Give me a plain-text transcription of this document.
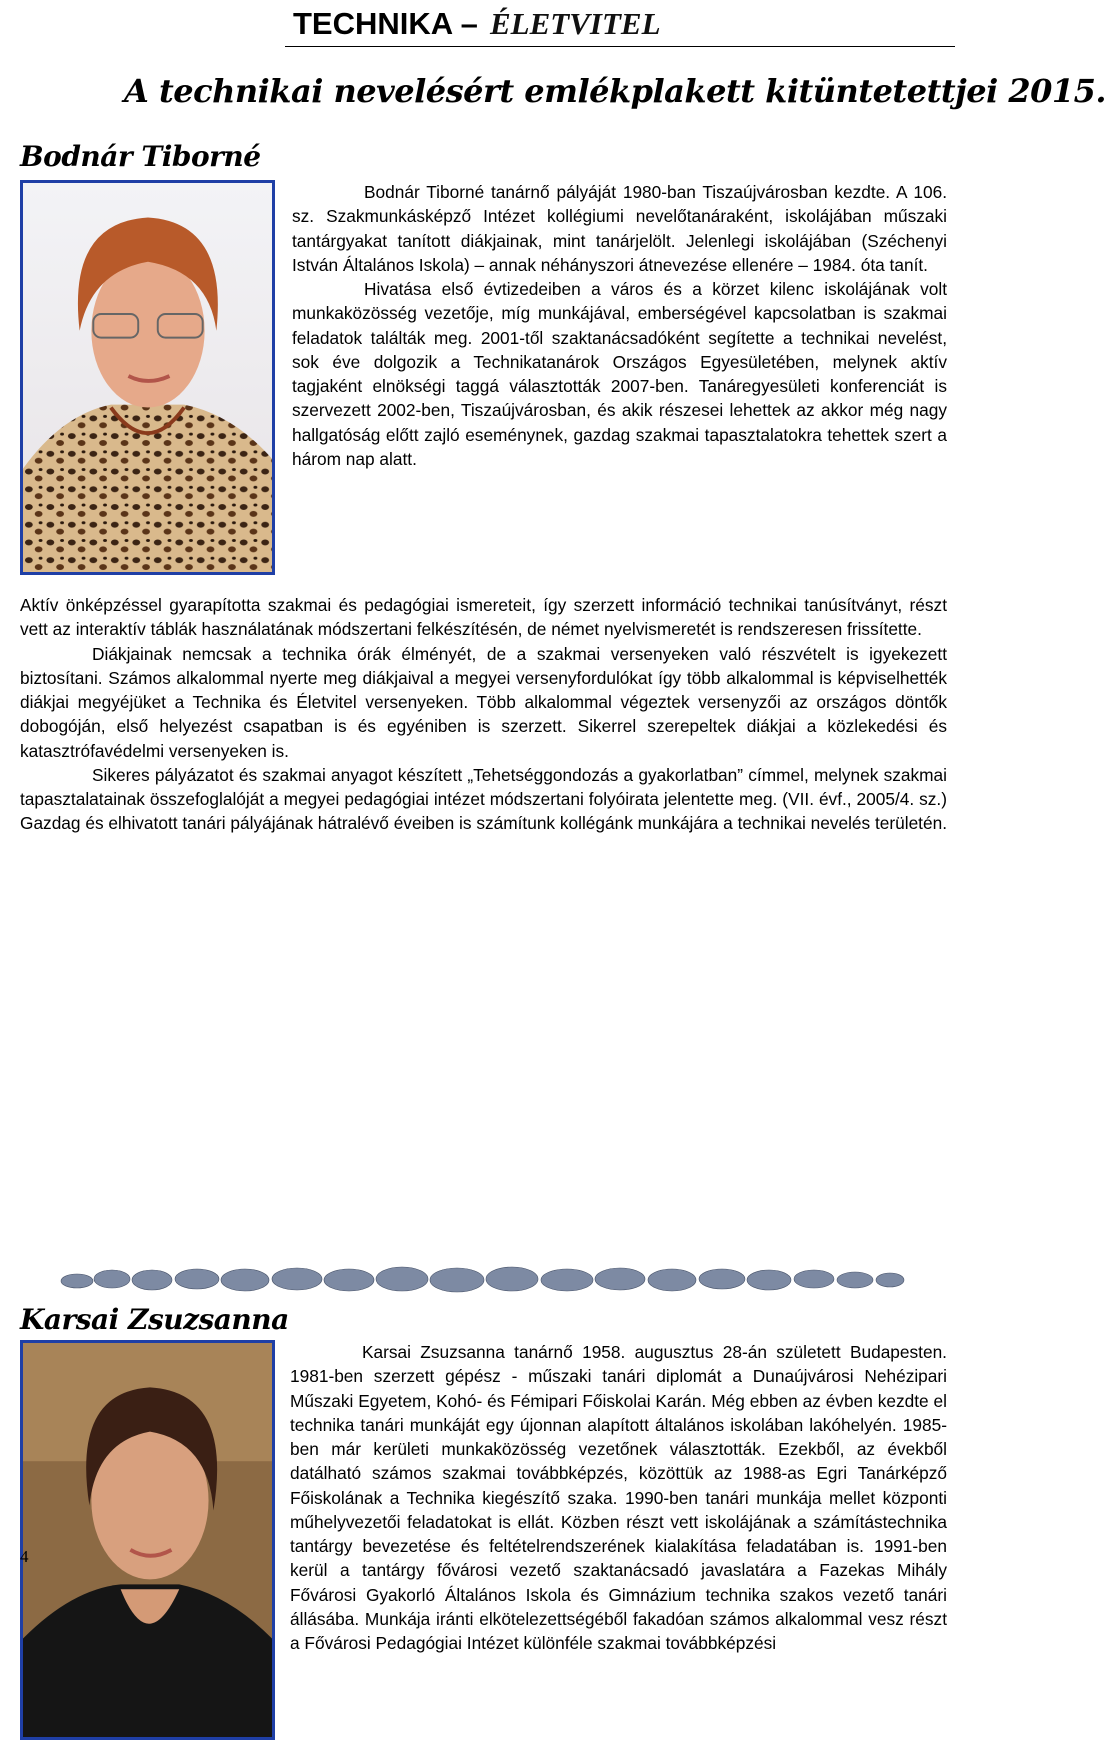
TECHNIKA – ÉLETVITEL
A technikai nevelésért emlékplakett kitüntetettjei 2015.
Bodnár Tiborné

Bodnár Tiborné tanárnő pályáját 1980-ban Tiszaújvárosban kezdte. A 106. sz. Szakmunkásképző Intézet kollégiumi nevelőtanáraként, iskolájában műszaki tantárgyakat tanított diákjainak, mint tanárjelölt. Jelenlegi iskolájában (Széchenyi István Általános Iskola) – annak néhányszori átnevezése ellenére – 1984. óta tanít.

Hivatása első évtizedeiben a város és a körzet kilenc iskolájának volt munkaközösség vezetője, míg munkájával, emberségével kapcsolatban is szakmai feladatok találták meg. 2001-től szaktanácsadóként segítette a technikai nevelést, sok éve dolgozik a Technikatanárok Országos Egyesületében, melynek aktív tagjaként elnökségi taggá választották 2007-ben. Tanáregyesületi konferenciát is szervezett 2002-ben, Tiszaújvárosban, és akik részesei lehettek az akkor még nagy hallgatóság előtt zajló eseménynek, gazdag szakmai tapasztalatokra tehettek szert a három nap alatt.

Aktív önképzéssel gyarapította szakmai és pedagógiai ismereteit, így szerzett információ technikai tanúsítványt, részt vett az interaktív táblák használatának módszertani felkészítésén, de német nyelvismeretét is rendszeresen frissítette.

Diákjainak nemcsak a technika órák élményét, de a szakmai versenyeken való részvételt is igyekezett biztosítani. Számos alkalommal nyerte meg diákjaival a megyei versenyfordulókat így több alkalommal is képviselhették diákjai megyéjüket a Technika és Életvitel versenyeken. Több alkalommal végeztek versenyzői az országos döntők dobogóján, első helyezést csapatban is és egyéniben is szerzett. Sikerrel szerepeltek diákjai a közlekedési és katasztrófavédelmi versenyeken is.

Sikeres pályázatot és szakmai anyagot készített „Tehetséggondozás a gyakorlatban” címmel, melynek szakmai tapasztalatainak összefoglalóját a megyei pedagógiai intézet módszertani folyóirata jelentette meg. (VII. évf., 2005/4. sz.) Gazdag és elhivatott tanári pályájának hátralévő éveiben is számítunk kollégánk munkájára a technikai nevelés területén.

Karsai Zsuzsanna

Karsai Zsuzsanna tanárnő 1958. augusztus 28-án született Budapesten. 1981-ben szerzett gépész - műszaki tanári diplomát a Dunaújvárosi Nehézipari Műszaki Egyetem, Kohó- és Fémipari Főiskolai Karán. Még ebben az évben kezdte el technika tanári munkáját egy újonnan alapított általános iskolában lakóhelyén. 1985-ben már kerületi munkaközösség vezetőnek választották. Ezekből, az évekből datálható számos szakmai továbbképzés, közöttük az 1988-as Egri Tanárképző Főiskolának a Technika kiegészítő szaka. 1990-ben tanári munkája mellet központi műhelyvezetői feladatokat is ellát. Közben részt vett iskolájának a számítástechnika tantárgy bevezetése és feltételrendszerének kialakítása feladatában is. 1991-ben kerül a tantárgy fővárosi vezető szaktanácsadó javaslatára a Fazekas Mihály Fővárosi Gyakorló Általános Iskola és Gimnázium technika szakos vezető tanári állásába. Munkája iránti elkötelezettségéből fakadóan számos alkalommal vesz részt a Fővárosi Pedagógiai Intézet különféle szakmai továbbképzési

4
